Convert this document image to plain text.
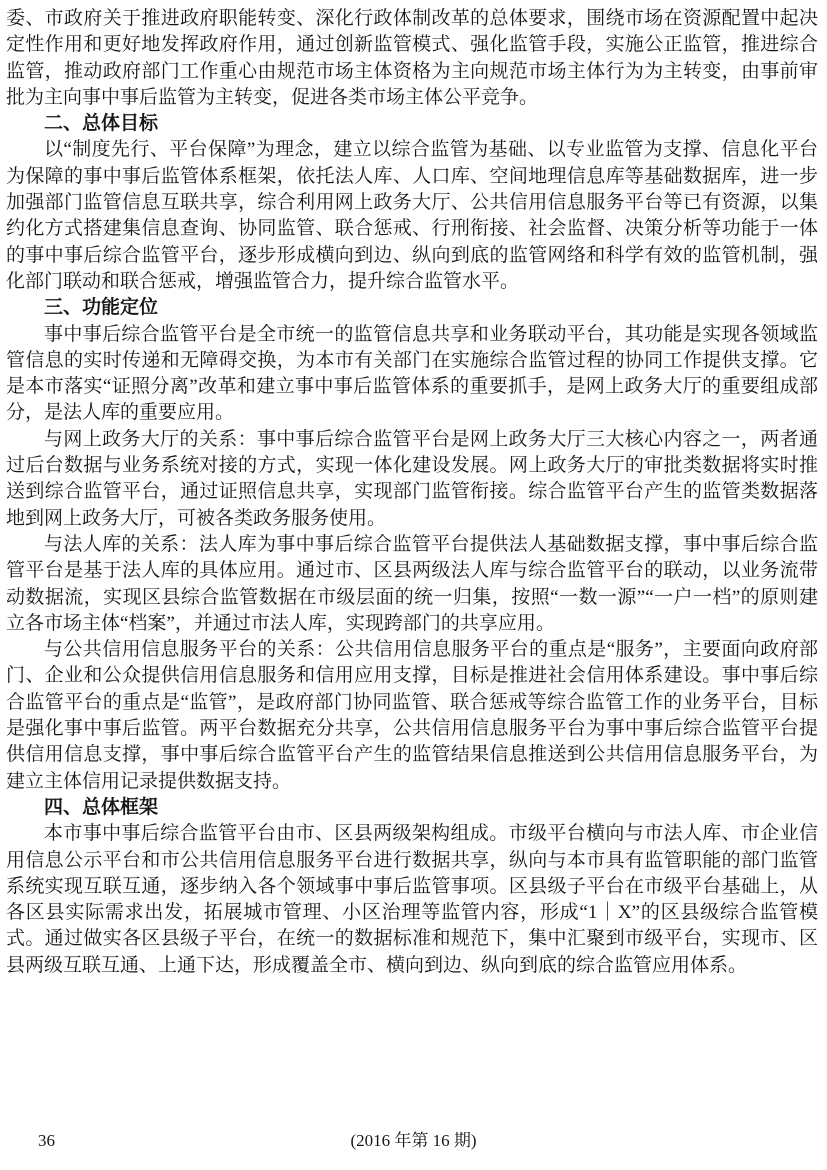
委、市政府关于推进政府职能转变、深化行政体制改革的总体要求，围绕市场在资源配置中起决定性作用和更好地发挥政府作用，通过创新监管模式、强化监管手段，实施公正监管，推进综合监管，推动政府部门工作重心由规范市场主体资格为主向规范市场主体行为为主转变，由事前审批为主向事中事后监管为主转变，促进各类市场主体公平竞争。

二、总体目标

以“制度先行、平台保障”为理念，建立以综合监管为基础、以专业监管为支撑、信息化平台为保障的事中事后监管体系框架，依托法人库、人口库、空间地理信息库等基础数据库，进一步加强部门监管信息互联共享，综合利用网上政务大厅、公共信用信息服务平台等已有资源，以集约化方式搭建集信息查询、协同监管、联合惩戒、行刑衔接、社会监督、决策分析等功能于一体的事中事后综合监管平台，逐步形成横向到边、纵向到底的监管网络和科学有效的监管机制，强化部门联动和联合惩戒，增强监管合力，提升综合监管水平。

三、功能定位

事中事后综合监管平台是全市统一的监管信息共享和业务联动平台，其功能是实现各领域监管信息的实时传递和无障碍交换，为本市有关部门在实施综合监管过程的协同工作提供支撑。它是本市落实“证照分离”改革和建立事中事后监管体系的重要抓手，是网上政务大厅的重要组成部分，是法人库的重要应用。

与网上政务大厅的关系：事中事后综合监管平台是网上政务大厅三大核心内容之一，两者通过后台数据与业务系统对接的方式，实现一体化建设发展。网上政务大厅的审批类数据将实时推送到综合监管平台，通过证照信息共享，实现部门监管衔接。综合监管平台产生的监管类数据落地到网上政务大厅，可被各类政务服务使用。

与法人库的关系：法人库为事中事后综合监管平台提供法人基础数据支撑，事中事后综合监管平台是基于法人库的具体应用。通过市、区县两级法人库与综合监管平台的联动，以业务流带动数据流，实现区县综合监管数据在市级层面的统一归集，按照“一数一源”“一户一档”的原则建立各市场主体“档案”，并通过市法人库，实现跨部门的共享应用。

与公共信用信息服务平台的关系：公共信用信息服务平台的重点是“服务”，主要面向政府部门、企业和公众提供信用信息服务和信用应用支撑，目标是推进社会信用体系建设。事中事后综合监管平台的重点是“监管”，是政府部门协同监管、联合惩戒等综合监管工作的业务平台，目标是强化事中事后监管。两平台数据充分共享，公共信用信息服务平台为事中事后综合监管平台提供信用信息支撑，事中事后综合监管平台产生的监管结果信息推送到公共信用信息服务平台，为建立主体信用记录提供数据支持。

四、总体框架

本市事中事后综合监管平台由市、区县两级架构组成。市级平台横向与市法人库、市企业信用信息公示平台和市公共信用信息服务平台进行数据共享，纵向与本市具有监管职能的部门监管系统实现互联互通，逐步纳入各个领域事中事后监管事项。区县级子平台在市级平台基础上，从各区县实际需求出发，拓展城市管理、小区治理等监管内容，形成“1｜X”的区县级综合监管模式。通过做实各区县级子平台，在统一的数据标准和规范下，集中汇聚到市级平台，实现市、区县两级互联互通、上通下达，形成覆盖全市、横向到边、纵向到底的综合监管应用体系。

36	(2016 年第 16 期)
